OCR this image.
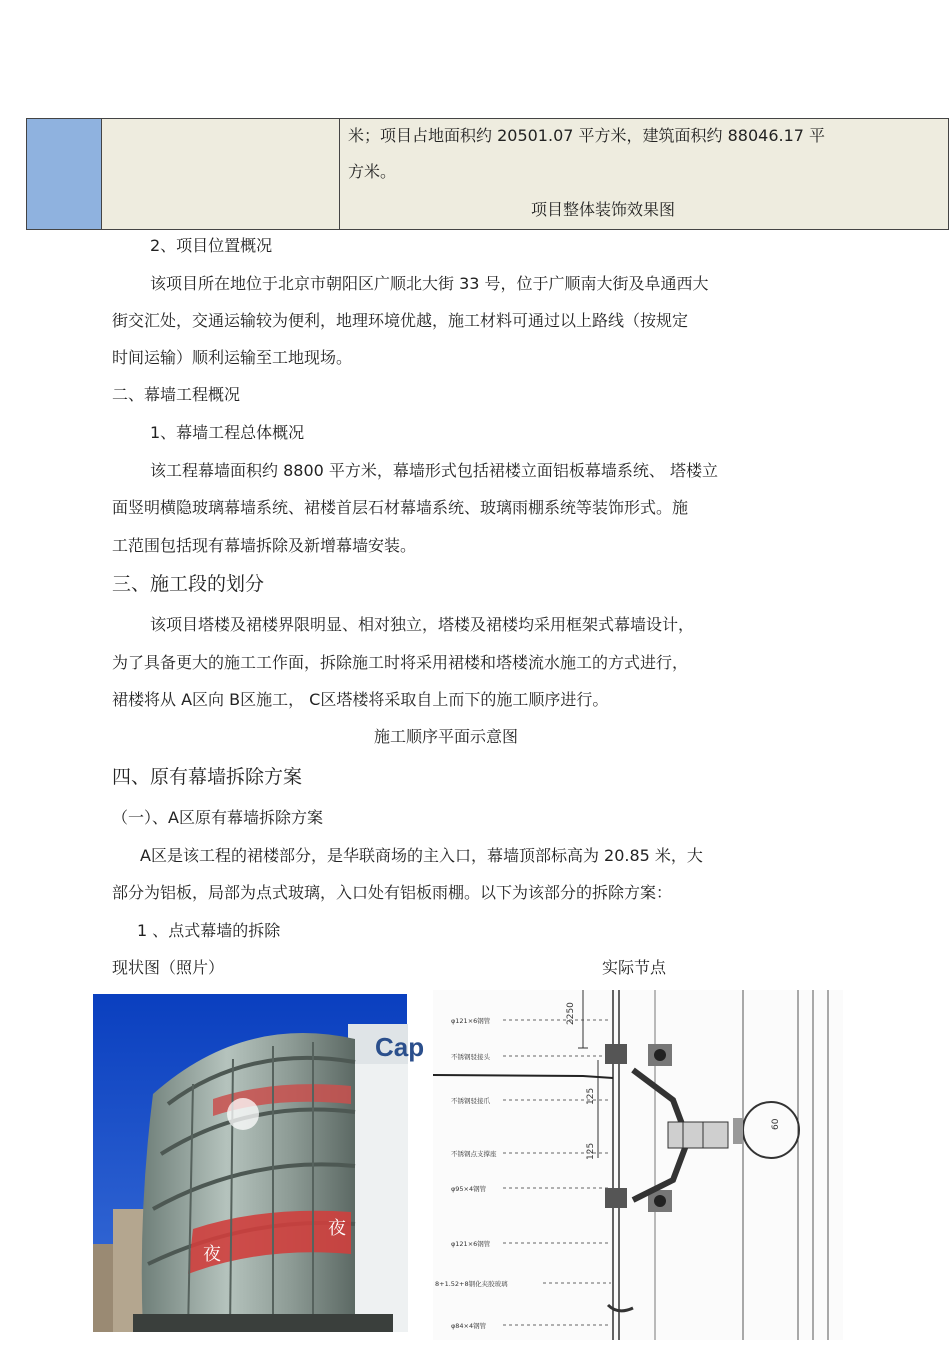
米；项目占地面积约 20501.07 平方米，建筑面积约 88046.17 平
方米。
项目整体装饰效果图
2、项目位置概况
该项目所在地位于北京市朝阳区广顺北大街 33 号，位于广顺南大街及阜通西大
街交汇处，交通运输较为便利，地理环境优越，施工材料可通过以上路线（按规定
时间运输）顺利运输至工地现场。
二、幕墙工程概况
1、幕墙工程总体概况
该工程幕墙面积约 8800 平方米，幕墙形式包括裙楼立面铝板幕墙系统、 塔楼立
面竖明横隐玻璃幕墙系统、裙楼首层石材幕墙系统、玻璃雨棚系统等装饰形式。施
工范围包括现有幕墙拆除及新增幕墙安装。
三、施工段的划分
该项目塔楼及裙楼界限明显、相对独立，塔楼及裙楼均采用框架式幕墙设计，
为了具备更大的施工工作面，拆除施工时将采用裙楼和塔楼流水施工的方式进行，
裙楼将从 A区向 B区施工， C区塔楼将采取自上而下的施工顺序进行。
施工顺序平面示意图
四、原有幕墙拆除方案
（一）、A区原有幕墙拆除方案
A区是该工程的裙楼部分，是华联商场的主入口，幕墙顶部标高为 20.85 米，大
部分为铝板，局部为点式玻璃，入口处有铝板雨棚。以下为该部分的拆除方案：
1 、点式幕墙的拆除
现状图（照片）	实际节点
Cap
夜
夜
2250
125
125
60
φ121×6钢管
不锈钢驳接头
不锈钢驳接爪
不锈钢点支撑座
φ95×4钢管
φ121×6钢管
8+1.52+8钢化夹胶玻璃
φ84×4钢管
